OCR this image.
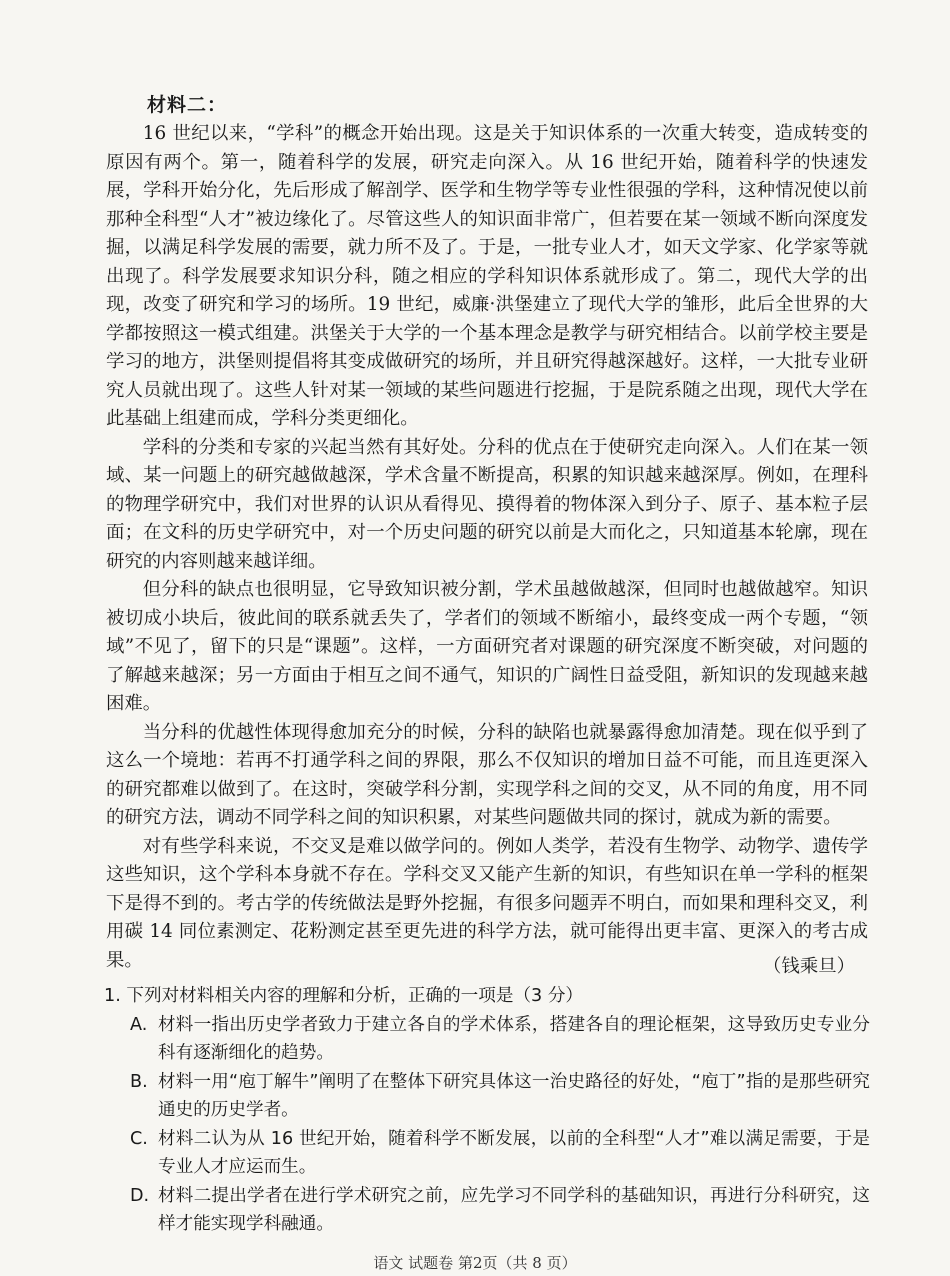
材料二：

16 世纪以来，“学科”的概念开始出现。这是关于知识体系的一次重大转变，造成转变的原因有两个。第一，随着科学的发展，研究走向深入。从 16 世纪开始，随着科学的快速发展，学科开始分化，先后形成了解剖学、医学和生物学等专业性很强的学科，这种情况使以前那种全科型“人才”被边缘化了。尽管这些人的知识面非常广，但若要在某一领域不断向深度发掘，以满足科学发展的需要，就力所不及了。于是，一批专业人才，如天文学家、化学家等就出现了。科学发展要求知识分科，随之相应的学科知识体系就形成了。第二，现代大学的出现，改变了研究和学习的场所。19 世纪，威廉·洪堡建立了现代大学的雏形，此后全世界的大学都按照这一模式组建。洪堡关于大学的一个基本理念是教学与研究相结合。以前学校主要是学习的地方，洪堡则提倡将其变成做研究的场所，并且研究得越深越好。这样，一大批专业研究人员就出现了。这些人针对某一领域的某些问题进行挖掘，于是院系随之出现，现代大学在此基础上组建而成，学科分类更细化。

学科的分类和专家的兴起当然有其好处。分科的优点在于使研究走向深入。人们在某一领域、某一问题上的研究越做越深，学术含量不断提高，积累的知识越来越深厚。例如，在理科的物理学研究中，我们对世界的认识从看得见、摸得着的物体深入到分子、原子、基本粒子层面；在文科的历史学研究中，对一个历史问题的研究以前是大而化之，只知道基本轮廓，现在研究的内容则越来越详细。

但分科的缺点也很明显，它导致知识被分割，学术虽越做越深，但同时也越做越窄。知识被切成小块后，彼此间的联系就丢失了，学者们的领域不断缩小，最终变成一两个专题，“领域”不见了，留下的只是“课题”。这样，一方面研究者对课题的研究深度不断突破，对问题的了解越来越深；另一方面由于相互之间不通气，知识的广阔性日益受阻，新知识的发现越来越困难。

当分科的优越性体现得愈加充分的时候，分科的缺陷也就暴露得愈加清楚。现在似乎到了这么一个境地：若再不打通学科之间的界限，那么不仅知识的增加日益不可能，而且连更深入的研究都难以做到了。在这时，突破学科分割，实现学科之间的交叉，从不同的角度，用不同的研究方法，调动不同学科之间的知识积累，对某些问题做共同的探讨，就成为新的需要。

对有些学科来说，不交叉是难以做学问的。例如人类学，若没有生物学、动物学、遗传学这些知识，这个学科本身就不存在。学科交叉又能产生新的知识，有些知识在单一学科的框架下是得不到的。考古学的传统做法是野外挖掘，有很多问题弄不明白，而如果和理科交叉，利用碳 14 同位素测定、花粉测定甚至更先进的科学方法，就可能得出更丰富、更深入的考古成果。	（钱乘旦）

1. 下列对材料相关内容的理解和分析，正确的一项是（3 分）

A. 材料一指出历史学者致力于建立各自的学术体系，搭建各自的理论框架，这导致历史专业分科有逐渐细化的趋势。

B. 材料一用“庖丁解牛”阐明了在整体下研究具体这一治史路径的好处，“庖丁”指的是那些研究通史的历史学者。

C. 材料二认为从 16 世纪开始，随着科学不断发展，以前的全科型“人才”难以满足需要，于是专业人才应运而生。

D. 材料二提出学者在进行学术研究之前，应先学习不同学科的基础知识，再进行分科研究，这样才能实现学科融通。

语文 试题卷 第2页（共 8 页）
